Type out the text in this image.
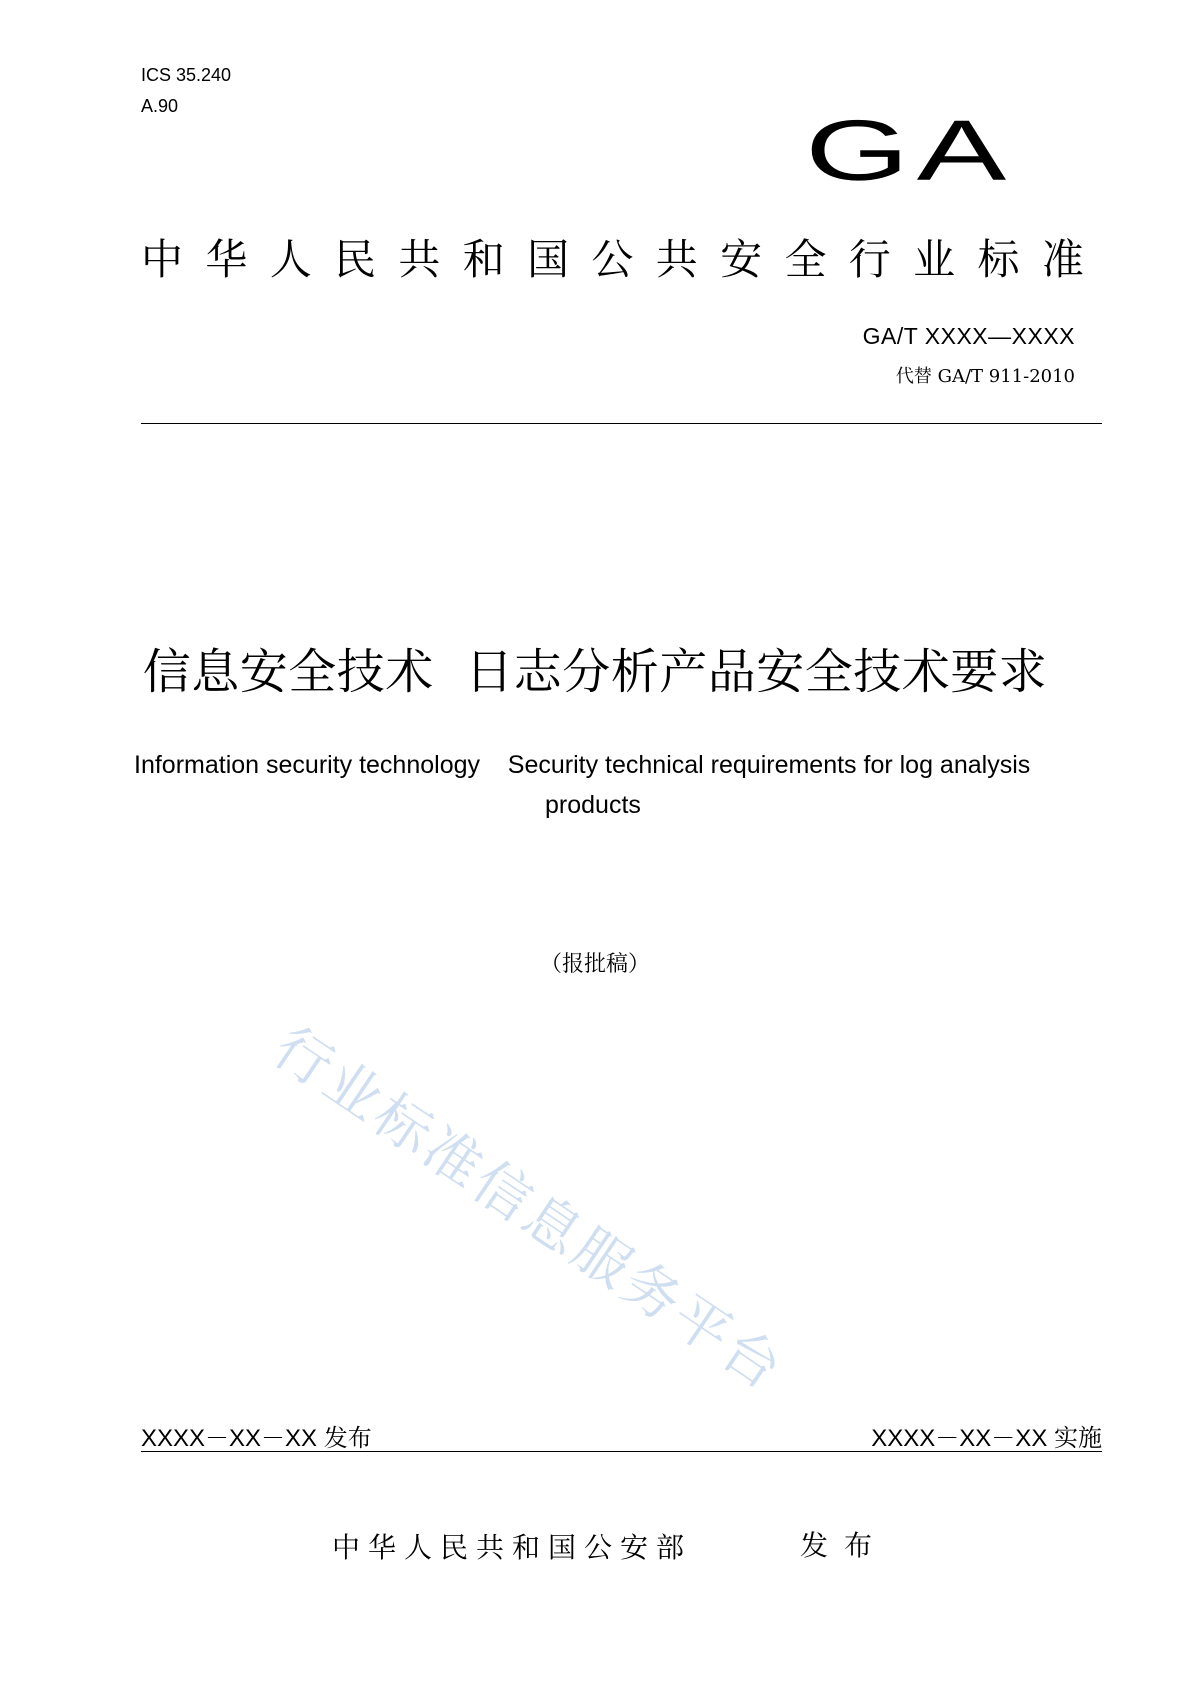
ICS 35.240
A.90	GA
中 华 人 民 共 和 国 公 共 安 全 行 业 标 准
GA/T XXXX—XXXX
代替 GA/T 911-2010
信息安全技术  日志分析产品安全技术要求
Information security technology    Security technical requirements for log analysis
products
（报批稿）
行业标准信息服务平台
XXXX－XX－XX 发布	XXXX－XX－XX 实施
中华人民共和国公安部	发布
